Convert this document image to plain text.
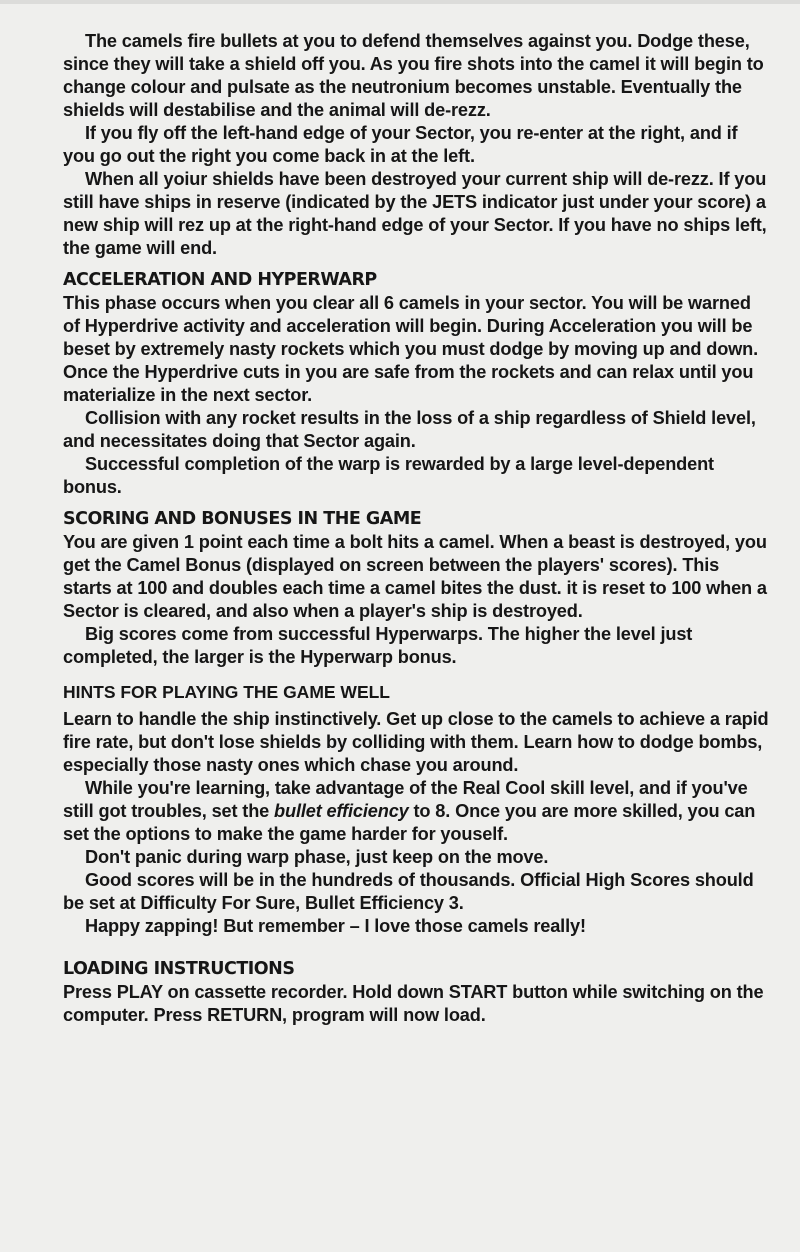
The camels fire bullets at you to defend themselves against you. Dodge these, since they will take a shield off you. As you fire shots into the camel it will begin to change colour and pulsate as the neutronium becomes unstable. Eventually the shields will destabilise and the animal will de-rezz.

If you fly off the left-hand edge of your Sector, you re-enter at the right, and if you go out the right you come back in at the left.

When all yoiur shields have been destroyed your current ship will de-rezz. If you still have ships in reserve (indicated by the JETS indicator just under your score) a new ship will rez up at the right-hand edge of your Sector. If you have no ships left, the game will end.

ACCELERATION AND HYPERWARP

This phase occurs when you clear all 6 camels in your sector. You will be warned of Hyperdrive activity and acceleration will begin. During Acceleration you will be beset by extremely nasty rockets which you must dodge by moving up and down. Once the Hyperdrive cuts in you are safe from the rockets and can relax until you materialize in the next sector.

Collision with any rocket results in the loss of a ship regardless of Shield level, and necessitates doing that Sector again.

Successful completion of the warp is rewarded by a large level-dependent bonus.

SCORING AND BONUSES IN THE GAME

You are given 1 point each time a bolt hits a camel. When a beast is destroyed, you get the Camel Bonus (displayed on screen between the players' scores). This starts at 100 and doubles each time a camel bites the dust. it is reset to 100 when a Sector is cleared, and also when a player's ship is destroyed.

Big scores come from successful Hyperwarps. The higher the level just completed, the larger is the Hyperwarp bonus.

HINTS FOR PLAYING THE GAME WELL

Learn to handle the ship instinctively. Get up close to the camels to achieve a rapid fire rate, but don't lose shields by colliding with them. Learn how to dodge bombs, especially those nasty ones which chase you around.

While you're learning, take advantage of the Real Cool skill level, and if you've still got troubles, set the bullet efficiency to 8. Once you are more skilled, you can set the options to make the game harder for youself.

Don't panic during warp phase, just keep on the move.

Good scores will be in the hundreds of thousands. Official High Scores should be set at Difficulty For Sure, Bullet Efficiency 3.

Happy zapping! But remember – I love those camels really!

LOADING INSTRUCTIONS

Press PLAY on cassette recorder. Hold down START button while switching on the computer. Press RETURN, program will now load.
